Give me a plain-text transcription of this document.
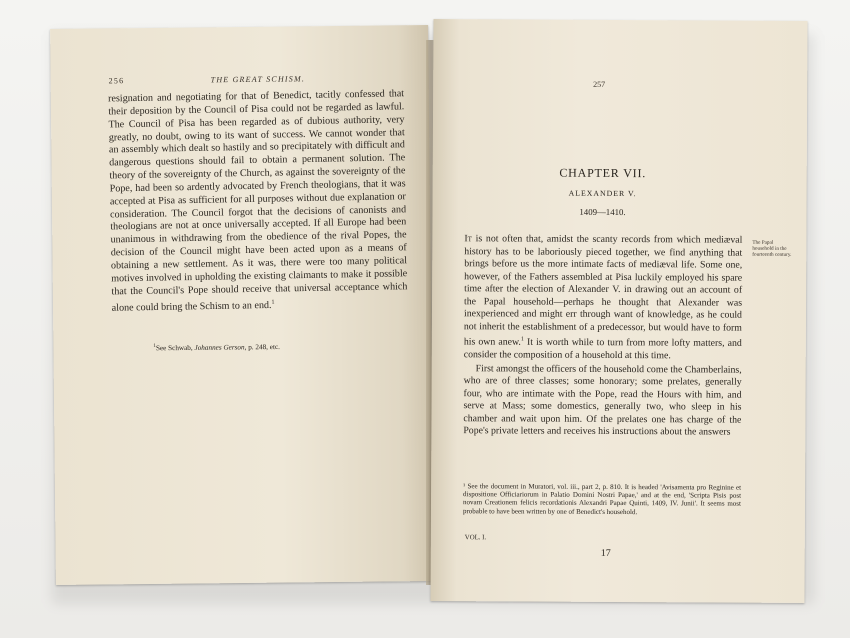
256	THE GREAT SCHISM.

resignation and negotiating for that of Benedict, tacitly confessed that their deposition by the Council of Pisa could not be regarded as lawful. The Council of Pisa has been regarded as of dubious authority, very greatly, no doubt, owing to its want of success. We cannot wonder that an assembly which dealt so hastily and so precipitately with difficult and dangerous questions should fail to obtain a permanent solution. The theory of the sovereignty of the Church, as against the sovereignty of the Pope, had been so ardently advocated by French theologians, that it was accepted at Pisa as sufficient for all purposes without due explanation or consideration. The Council forgot that the decisions of canonists and theologians are not at once universally accepted. If all Europe had been unanimous in withdrawing from the obedience of the rival Popes, the decision of the Council might have been acted upon as a means of obtaining a new settlement. As it was, there were too many political motives involved in upholding the existing claimants to make it possible that the Council's Pope should receive that universal acceptance which alone could bring the Schism to an end.$^1$

$^1$See Schwab, Johannes Gerson, p. 248, etc.
257
CHAPTER VII.
ALEXANDER V.
1409—1410.
The Papal household in the fourteenth century.

It is not often that, amidst the scanty records from which mediæval history has to be laboriously pieced together, we find anything that brings before us the more intimate facts of mediæval life. Some one, however, of the Fathers assembled at Pisa luckily employed his spare time after the election of Alexander V. in drawing out an account of the Papal household—perhaps he thought that Alexander was inexperienced and might err through want of knowledge, as he could not inherit the establishment of a predecessor, but would have to form his own anew.$^1$ It is worth while to turn from more lofty matters, and consider the composition of a household at this time.

First amongst the officers of the household come the Chamberlains, who are of three classes; some honorary; some prelates, generally four, who are intimate with the Pope, read the Hours with him, and serve at Mass; some domestics, generally two, who sleep in his chamber and wait upon him. Of the prelates one has charge of the Pope's private letters and receives his instructions about the answers

¹ See the document in Muratori, vol. iii., part 2, p. 810. It is headed 'Avisamenta pro Reginine et dispositione Officiariorum in Palatio Domini Nostri Papae,' and at the end, 'Scripta Pisis post novam Creationem felicis recordationis Alexandri Papae Quinti, 1409, IV. Junii'. It seems most probable to have been written by one of Benedict's household.
VOL. I.
17
